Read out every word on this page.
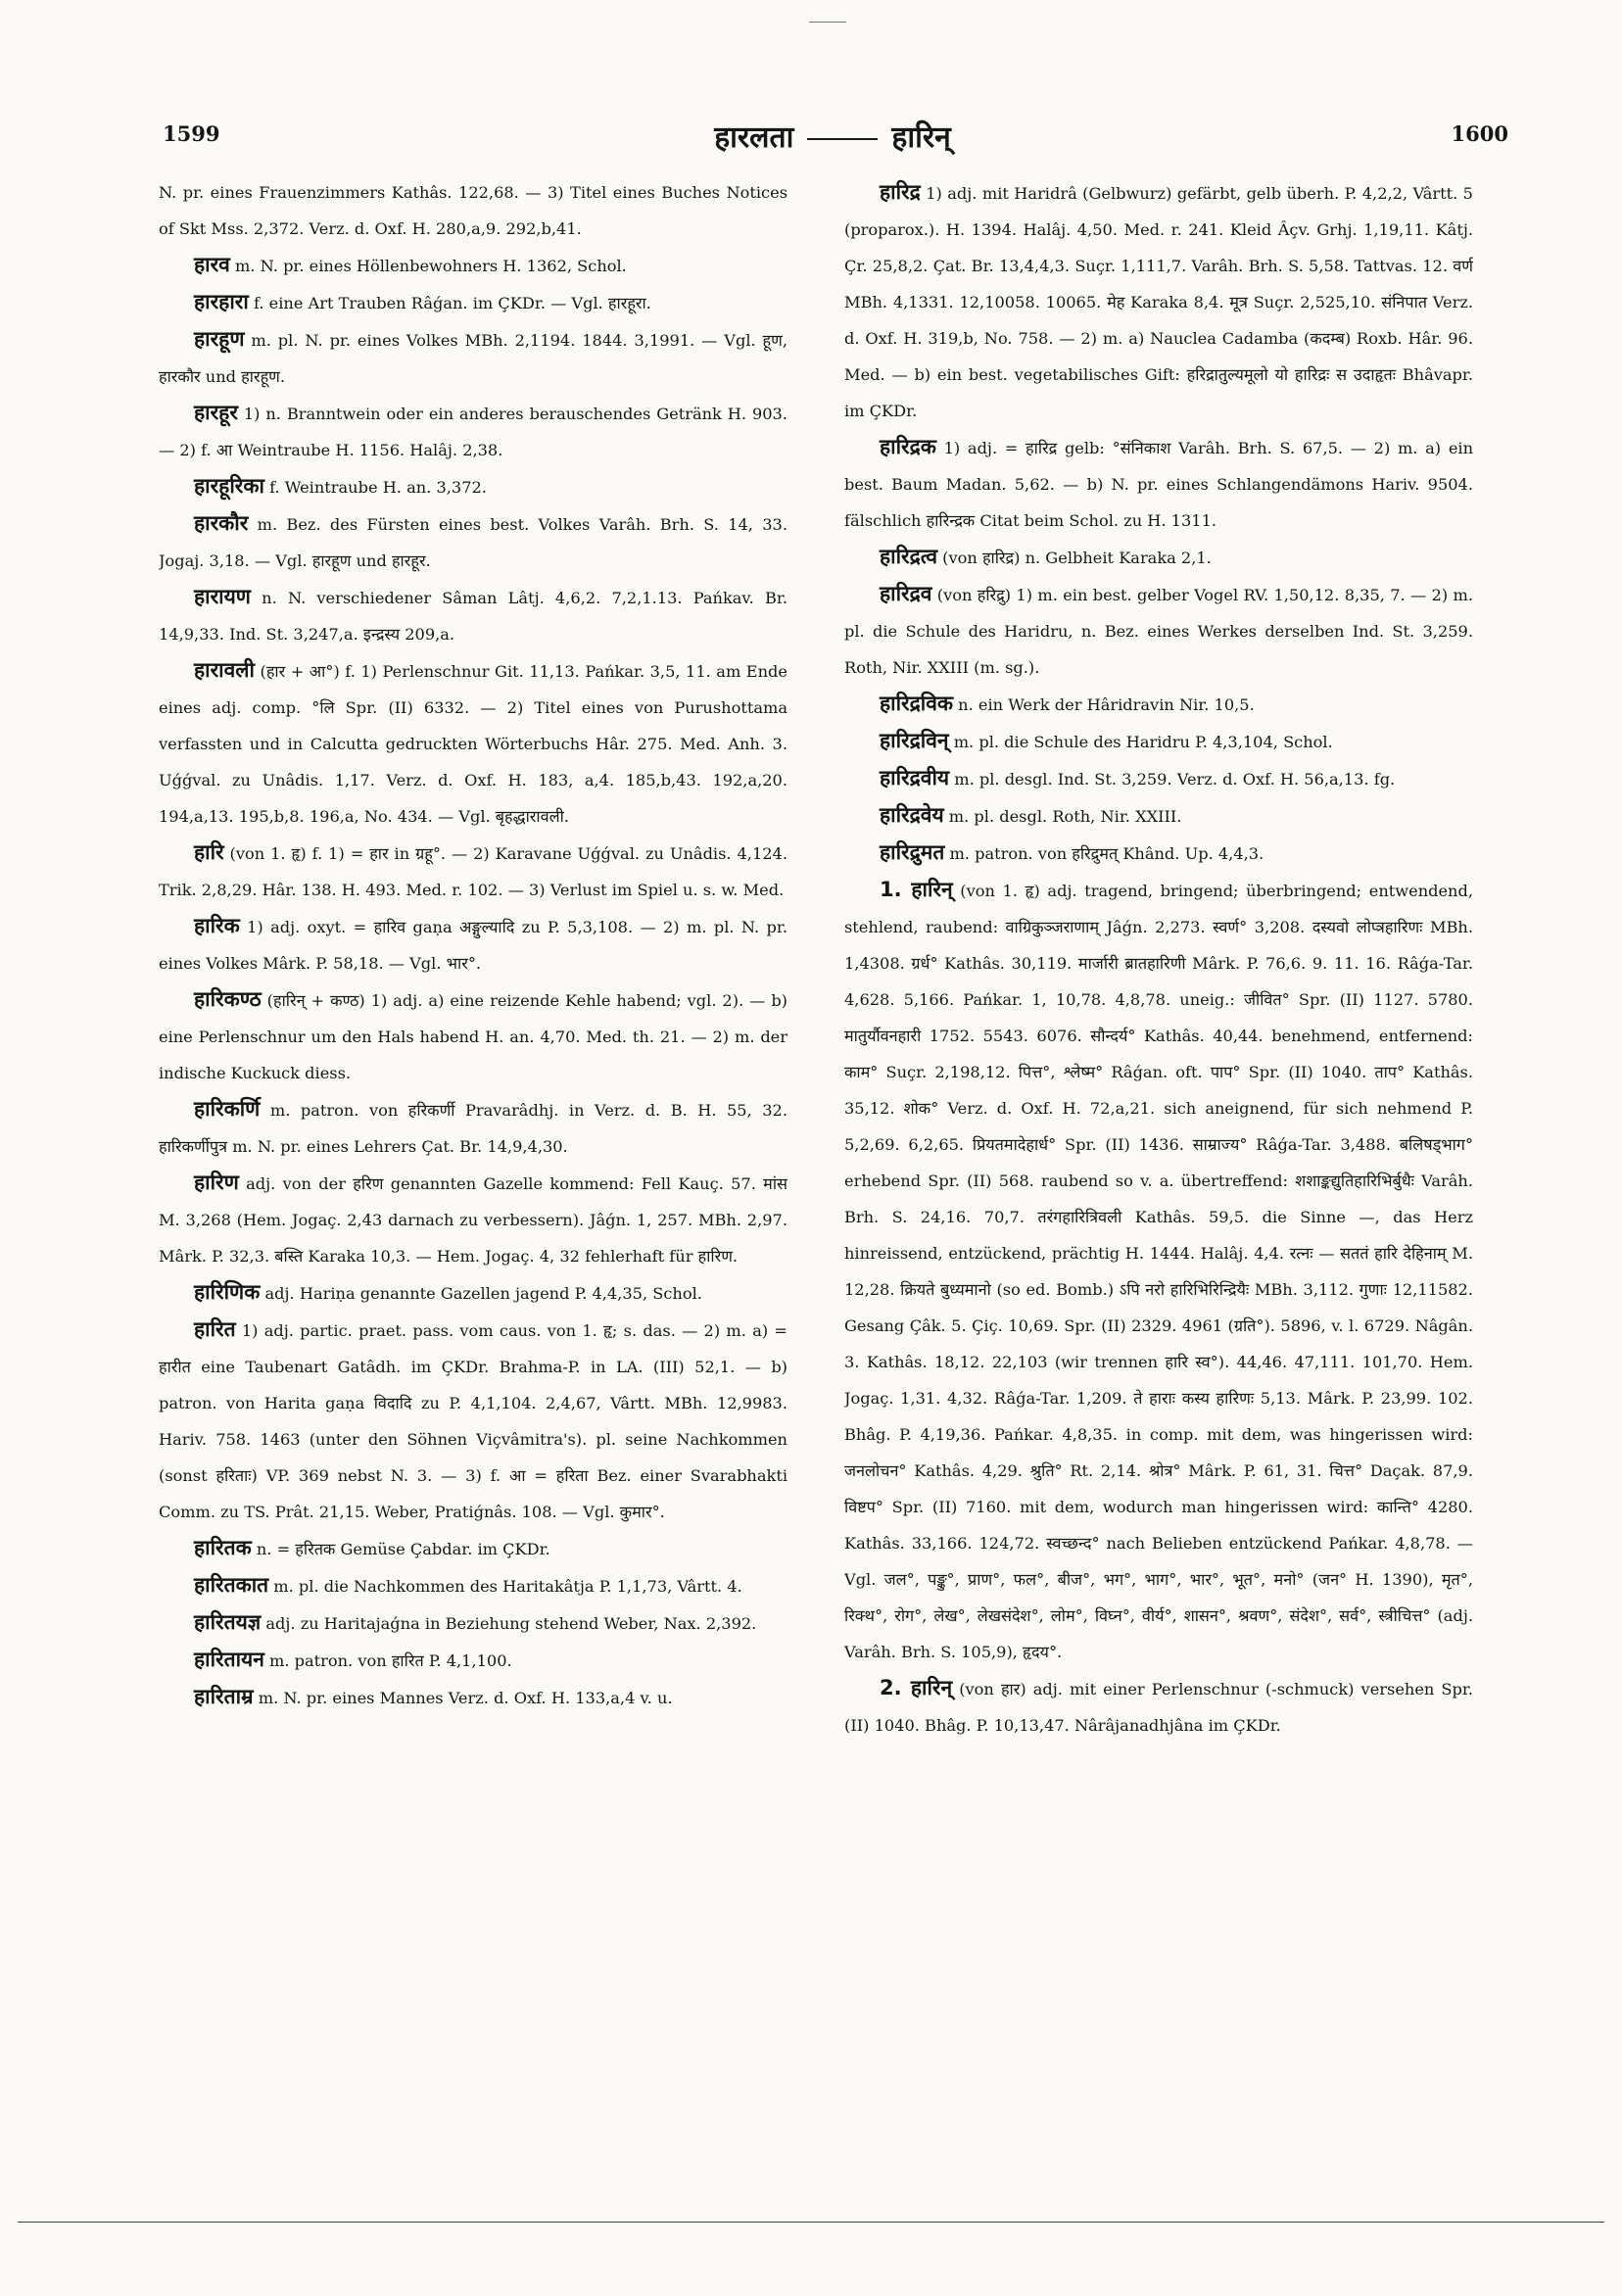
1599	हारलता	हारिन्	1600

N. pr. eines Frauenzimmers Kathâs. 122,68. — 3) Titel eines Buches Notices of Skt Mss. 2,372. Verz. d. Oxf. H. 280,a,9. 292,b,41.

हारव m. N. pr. eines Höllenbewohners H. 1362, Schol.

हारहारा f. eine Art Trauben Râǵan. im ÇKDr. — Vgl. हारहूरा.

हारहूण m. pl. N. pr. eines Volkes MBh. 2,1194. 1844. 3,1991. — Vgl. हूण, हारकौर und हारहूण.

हारहूर 1) n. Branntwein oder ein anderes berauschendes Getränk H. 903. — 2) f. आ Weintraube H. 1156. Halâj. 2,38.

हारहूरिका f. Weintraube H. an. 3,372.

हारकौर m. Bez. des Fürsten eines best. Volkes Varâh. Brh. S. 14, 33. Jogaj. 3,18. — Vgl. हारहूण und हारहूर.

हारायण n. N. verschiedener Sâman Lâtj. 4,6,2. 7,2,1.13. Pańkav. Br. 14,9,33. Ind. St. 3,247,a. इन्द्रस्य 209,a.

हारावली (हार + आ°) f. 1) Perlenschnur Git. 11,13. Pańkar. 3,5, 11. am Ende eines adj. comp. °लि Spr. (II) 6332. — 2) Titel eines von Purushottama verfassten und in Calcutta gedruckten Wörterbuchs Hâr. 275. Med. Anh. 3. Uǵǵval. zu Unâdis. 1,17. Verz. d. Oxf. H. 183, a,4. 185,b,43. 192,a,20. 194,a,13. 195,b,8. 196,a, No. 434. — Vgl. बृहद्धारावली.

हारि (von 1. हृ) f. 1) = हार in ग्रहू°. — 2) Karavane Uǵǵval. zu Unâdis. 4,124. Trik. 2,8,29. Hâr. 138. H. 493. Med. r. 102. — 3) Verlust im Spiel u. s. w. Med.

हारिक 1) adj. oxyt. = हारिव gaṇa अङ्गुल्यादि zu P. 5,3,108. — 2) m. pl. N. pr. eines Volkes Mârk. P. 58,18. — Vgl. भार°.

हारिकण्ठ (हारिन् + कण्ठ) 1) adj. a) eine reizende Kehle habend; vgl. 2). — b) eine Perlenschnur um den Hals habend H. an. 4,70. Med. th. 21. — 2) m. der indische Kuckuck diess.

हारिकर्णि m. patron. von हरिकर्णी Pravarâdhj. in Verz. d. B. H. 55, 32. हारिकर्णीपुत्र m. N. pr. eines Lehrers Çat. Br. 14,9,4,30.

हारिण adj. von der हरिण genannten Gazelle kommend: Fell Kauç. 57. मांस M. 3,268 (Hem. Jogaç. 2,43 darnach zu verbessern). Jâǵn. 1, 257. MBh. 2,97. Mârk. P. 32,3. बस्ति Karaka 10,3. — Hem. Jogaç. 4, 32 fehlerhaft für हारिण.

हारिणिक adj. Hariṇa genannte Gazellen jagend P. 4,4,35, Schol.

हारित 1) adj. partic. praet. pass. vom caus. von 1. हृ; s. das. — 2) m. a) = हारीत eine Taubenart Gatâdh. im ÇKDr. Brahma-P. in LA. (III) 52,1. — b) patron. von Harita gaṇa विदादि zu P. 4,1,104. 2,4,67, Vârtt. MBh. 12,9983. Hariv. 758. 1463 (unter den Söhnen Viçvâmitra's). pl. seine Nachkommen (sonst हरिताः) VP. 369 nebst N. 3. — 3) f. आ = हरिता Bez. einer Svarabhakti Comm. zu TS. Prât. 21,15. Weber, Pratiǵnâs. 108. — Vgl. कुमार°.

हारितक n. = हरितक Gemüse Çabdar. im ÇKDr.

हारितकात m. pl. die Nachkommen des Haritakâtja P. 1,1,73, Vârtt. 4.

हारितयज्ञ adj. zu Haritajaǵna in Beziehung stehend Weber, Nax. 2,392.

हारितायन m. patron. von हारित P. 4,1,100.

हारिताम्र m. N. pr. eines Mannes Verz. d. Oxf. H. 133,a,4 v. u.

हारिद्र 1) adj. mit Haridrâ (Gelbwurz) gefärbt, gelb überh. P. 4,2,2, Vârtt. 5 (proparox.). H. 1394. Halâj. 4,50. Med. r. 241. Kleid Âçv. Grhj. 1,19,11. Kâtj. Çr. 25,8,2. Çat. Br. 13,4,4,3. Suçr. 1,111,7. Varâh. Brh. S. 5,58. Tattvas. 12. वर्ण MBh. 4,1331. 12,10058. 10065. मेह Karaka 8,4. मूत्र Suçr. 2,525,10. संनिपात Verz. d. Oxf. H. 319,b, No. 758. — 2) m. a) Nauclea Cadamba (कदम्ब) Roxb. Hâr. 96. Med. — b) ein best. vegetabilisches Gift: हरिद्रातुल्यमूलो यो हारिद्रः स उदाहृतः Bhâvapr. im ÇKDr.

हारिद्रक 1) adj. = हारिद्र gelb: °संनिकाश Varâh. Brh. S. 67,5. — 2) m. a) ein best. Baum Madan. 5,62. — b) N. pr. eines Schlangendämons Hariv. 9504. fälschlich हारिन्द्रक Citat beim Schol. zu H. 1311.

हारिद्रत्व (von हारिद्र) n. Gelbheit Karaka 2,1.

हारिद्रव (von हरिद्रु) 1) m. ein best. gelber Vogel RV. 1,50,12. 8,35, 7. — 2) m. pl. die Schule des Haridru, n. Bez. eines Werkes derselben Ind. St. 3,259. Roth, Nir. XXIII (m. sg.).

हारिद्रविक n. ein Werk der Hâridravin Nir. 10,5.

हारिद्रविन् m. pl. die Schule des Haridru P. 4,3,104, Schol.

हारिद्रवीय m. pl. desgl. Ind. St. 3,259. Verz. d. Oxf. H. 56,a,13. fg.

हारिद्रवेय m. pl. desgl. Roth, Nir. XXIII.

हारिद्रुमत m. patron. von हरिद्रुमत् Khând. Up. 4,4,3.

1. हारिन् (von 1. हृ) adj. tragend, bringend; überbringend; entwendend, stehlend, raubend: वाग्रिकुञ्जराणाम् Jâǵn. 2,273. स्वर्ण° 3,208. दस्यवो लोप्त्रहारिणः MBh. 1,4308. ग्रर्ध° Kathâs. 30,119. मार्जारी ब्रातहारिणी Mârk. P. 76,6. 9. 11. 16. Râǵa-Tar. 4,628. 5,166. Pańkar. 1, 10,78. 4,8,78. uneig.: जीवित° Spr. (II) 1127. 5780. मातुर्यौवनहारी 1752. 5543. 6076. सौन्दर्य° Kathâs. 40,44. benehmend, entfernend: काम° Suçr. 2,198,12. पित्त°, श्लेष्म° Râǵan. oft. पाप° Spr. (II) 1040. ताप° Kathâs. 35,12. शोक° Verz. d. Oxf. H. 72,a,21. sich aneignend, für sich nehmend P. 5,2,69. 6,2,65. प्रियतमादेहार्ध° Spr. (II) 1436. साम्राज्य° Râǵa-Tar. 3,488. बलिषड्भाग° erhebend Spr. (II) 568. raubend so v. a. übertreffend: शशाङ्कद्युतिहारिभिर्बुधैः Varâh. Brh. S. 24,16. 70,7. तरंगहारित्रिवली Kathâs. 59,5. die Sinne —, das Herz hinreissend, entzückend, prächtig H. 1444. Halâj. 4,4. रत्नः — सततं हारि देहिनाम् M. 12,28. क्रियते बुध्यमानो (so ed. Bomb.) ऽपि नरो हारिभिरिन्द्रियैः MBh. 3,112. गुणाः 12,11582. Gesang Çâk. 5. Çiç. 10,69. Spr. (II) 2329. 4961 (ग्रति°). 5896, v. l. 6729. Nâgân. 3. Kathâs. 18,12. 22,103 (wir trennen हारि स्व°). 44,46. 47,111. 101,70. Hem. Jogaç. 1,31. 4,32. Râǵa-Tar. 1,209. ते हाराः कस्य हारिणः 5,13. Mârk. P. 23,99. 102. Bhâg. P. 4,19,36. Pańkar. 4,8,35. in comp. mit dem, was hingerissen wird: जनलोचन° Kathâs. 4,29. श्रुति° Rt. 2,14. श्रोत्र° Mârk. P. 61, 31. चित्त° Daçak. 87,9. विष्टप° Spr. (II) 7160. mit dem, wodurch man hingerissen wird: कान्ति° 4280. Kathâs. 33,166. 124,72. स्वच्छन्द° nach Belieben entzückend Pańkar. 4,8,78. — Vgl. जल°, पङ्कु°, प्राण°, फल°, बीज°, भग°, भाग°, भार°, भूत°, मनो° (जन° H. 1390), मृत°, रिक्थ°, रोग°, लेख°, लेखसंदेश°, लोम°, विघ्न°, वीर्य°, शासन°, श्रवण°, संदेश°, सर्व°, स्त्रीचित्त° (adj. Varâh. Brh. S. 105,9), हृदय°.

2. हारिन् (von हार) adj. mit einer Perlenschnur (-schmuck) versehen Spr. (II) 1040. Bhâg. P. 10,13,47. Nârâjanadhjâna im ÇKDr.
